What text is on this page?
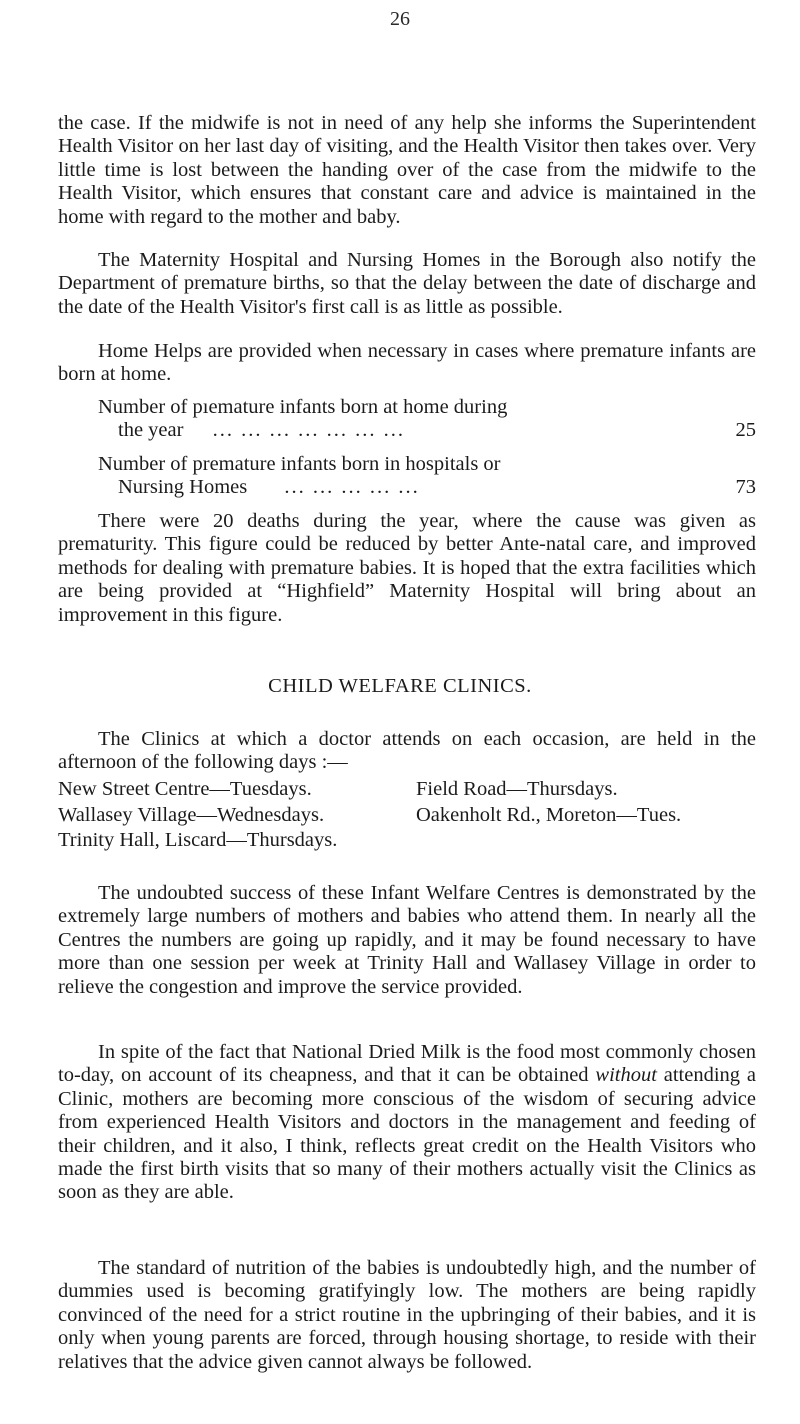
26

the case. If the midwife is not in need of any help she informs the Superintendent Health Visitor on her last day of visiting, and the Health Visitor then takes over. Very little time is lost between the handing over of the case from the midwife to the Health Visitor, which ensures that constant care and advice is maintained in the home with regard to the mother and baby.

The Maternity Hospital and Nursing Homes in the Borough also notify the Department of premature births, so that the delay between the date of discharge and the date of the Health Visitor's first call is as little as possible.

Home Helps are provided when necessary in cases where premature infants are born at home.

Number of pıemature infants born at home during
the year ... ... ... ... ... ... ...	25
Number of premature infants born in hospitals or
Nursing Homes ... ... ... ... ...	73

There were 20 deaths during the year, where the cause was given as prematurity. This figure could be reduced by better Ante-natal care, and improved methods for dealing with premature babies. It is hoped that the extra facilities which are being provided at “Highfield” Maternity Hospital will bring about an improvement in this figure.

CHILD WELFARE CLINICS.

The Clinics at which a doctor attends on each occasion, are held in the afternoon of the following days :—

New Street Centre—Tuesdays.	Field Road—Thursdays.
Wallasey Village—Wednesdays.	Oakenholt Rd., Moreton—Tues.
Trinity Hall, Liscard—Thursdays.

The undoubted success of these Infant Welfare Centres is demonstrated by the extremely large numbers of mothers and babies who attend them. In nearly all the Centres the numbers are going up rapidly, and it may be found necessary to have more than one session per week at Trinity Hall and Wallasey Village in order to relieve the congestion and improve the service provided.

In spite of the fact that National Dried Milk is the food most commonly chosen to-day, on account of its cheapness, and that it can be obtained without attending a Clinic, mothers are becoming more conscious of the wisdom of securing advice from experienced Health Visitors and doctors in the management and feeding of their children, and it also, I think, reflects great credit on the Health Visitors who made the first birth visits that so many of their mothers actually visit the Clinics as soon as they are able.

The standard of nutrition of the babies is undoubtedly high, and the number of dummies used is becoming gratifyingly low. The mothers are being rapidly convinced of the need for a strict routine in the upbringing of their babies, and it is only when young parents are forced, through housing shortage, to reside with their relatives that the advice given cannot always be followed.
